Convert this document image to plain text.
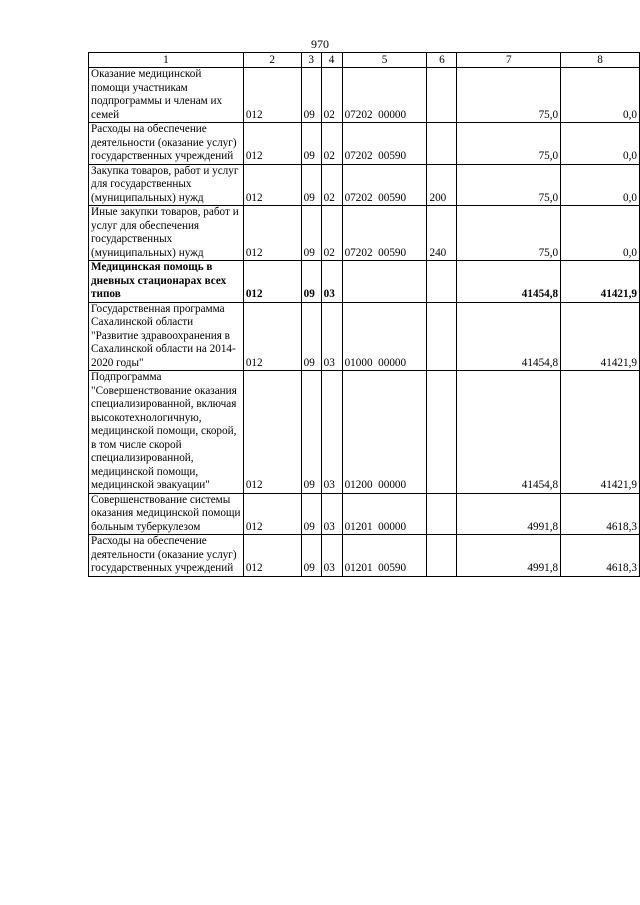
970
1	2	3	4	5	6	7	8
Оказание медицинской помощи участникам подпрограммы и членам их семей	012	09	02	07202  00000		75,0	0,0
Расходы на обеспечение деятельности (оказание услуг) государственных учреждений	012	09	02	07202  00590		75,0	0,0
Закупка товаров, работ и услуг для государственных (муниципальных) нужд	012	09	02	07202  00590	200	75,0	0,0
Иные закупки товаров, работ и услуг для обеспечения государственных (муниципальных) нужд	012	09	02	07202  00590	240	75,0	0,0
Медицинская помощь в дневных стационарах всех типов	012	09	03			41454,8	41421,9
Государственная программа Сахалинской области "Развитие здравоохранения в Сахалинской области на 2014-2020 годы"	012	09	03	01000  00000		41454,8	41421,9
Подпрограмма "Совершенствование оказания специализированной, включая высокотехнологичную, медицинской помощи, скорой, в том числе скорой специализированной, медицинской помощи, медицинской эвакуации"	012	09	03	01200  00000		41454,8	41421,9
Совершенствование системы оказания медицинской помощи больным туберкулезом	012	09	03	01201  00000		4991,8	4618,3
Расходы на обеспечение деятельности (оказание услуг) государственных учреждений	012	09	03	01201  00590		4991,8	4618,3
